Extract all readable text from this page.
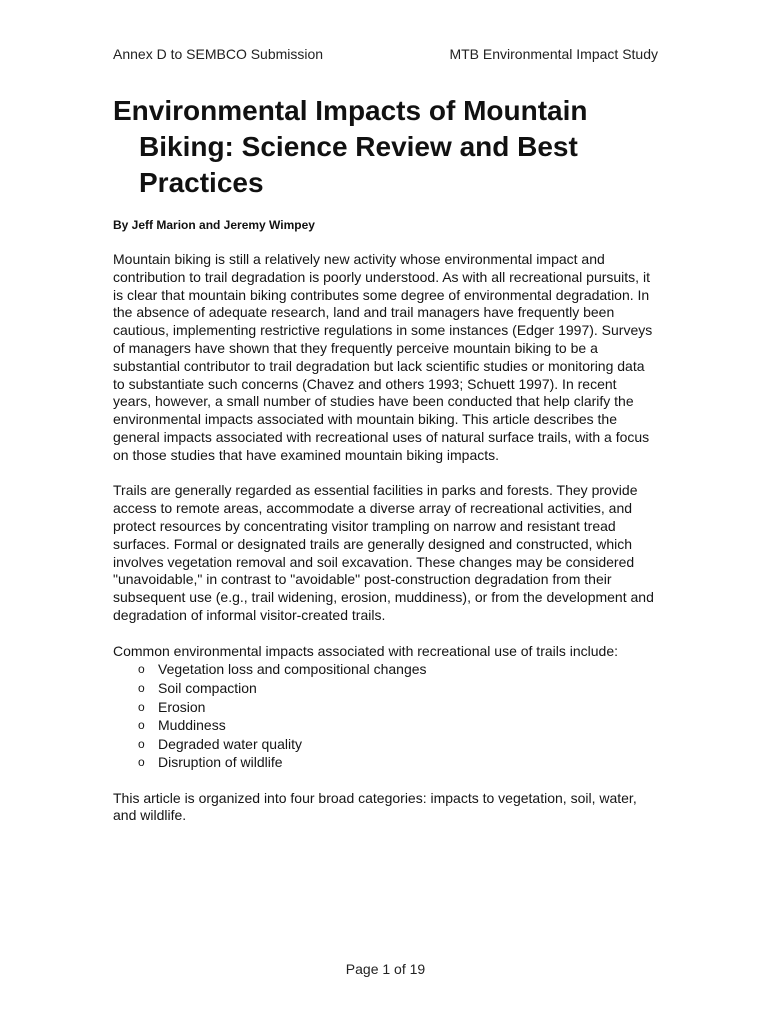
Annex D to SEMBCO Submission	MTB Environmental Impact Study
Environmental Impacts of Mountain Biking: Science Review and Best Practices
By Jeff Marion and Jeremy Wimpey

Mountain biking is still a relatively new activity whose environmental impact and contribution to trail degradation is poorly understood. As with all recreational pursuits, it is clear that mountain biking contributes some degree of environmental degradation. In the absence of adequate research, land and trail managers have frequently been cautious, implementing restrictive regulations in some instances (Edger 1997). Surveys of managers have shown that they frequently perceive mountain biking to be a substantial contributor to trail degradation but lack scientific studies or monitoring data to substantiate such concerns (Chavez and others 1993; Schuett 1997). In recent years, however, a small number of studies have been conducted that help clarify the environmental impacts associated with mountain biking. This article describes the general impacts associated with recreational uses of natural surface trails, with a focus on those studies that have examined mountain biking impacts.

Trails are generally regarded as essential facilities in parks and forests. They provide access to remote areas, accommodate a diverse array of recreational activities, and protect resources by concentrating visitor trampling on narrow and resistant tread surfaces. Formal or designated trails are generally designed and constructed, which involves vegetation removal and soil excavation. These changes may be considered "unavoidable," in contrast to "avoidable" post-construction degradation from their subsequent use (e.g., trail widening, erosion, muddiness), or from the development and degradation of informal visitor-created trails.

Common environmental impacts associated with recreational use of trails include:

o Vegetation loss and compositional changes
o Soil compaction
o Erosion
o Muddiness
o Degraded water quality
o Disruption of wildlife

This article is organized into four broad categories: impacts to vegetation, soil, water, and wildlife.

Page 1 of 19
